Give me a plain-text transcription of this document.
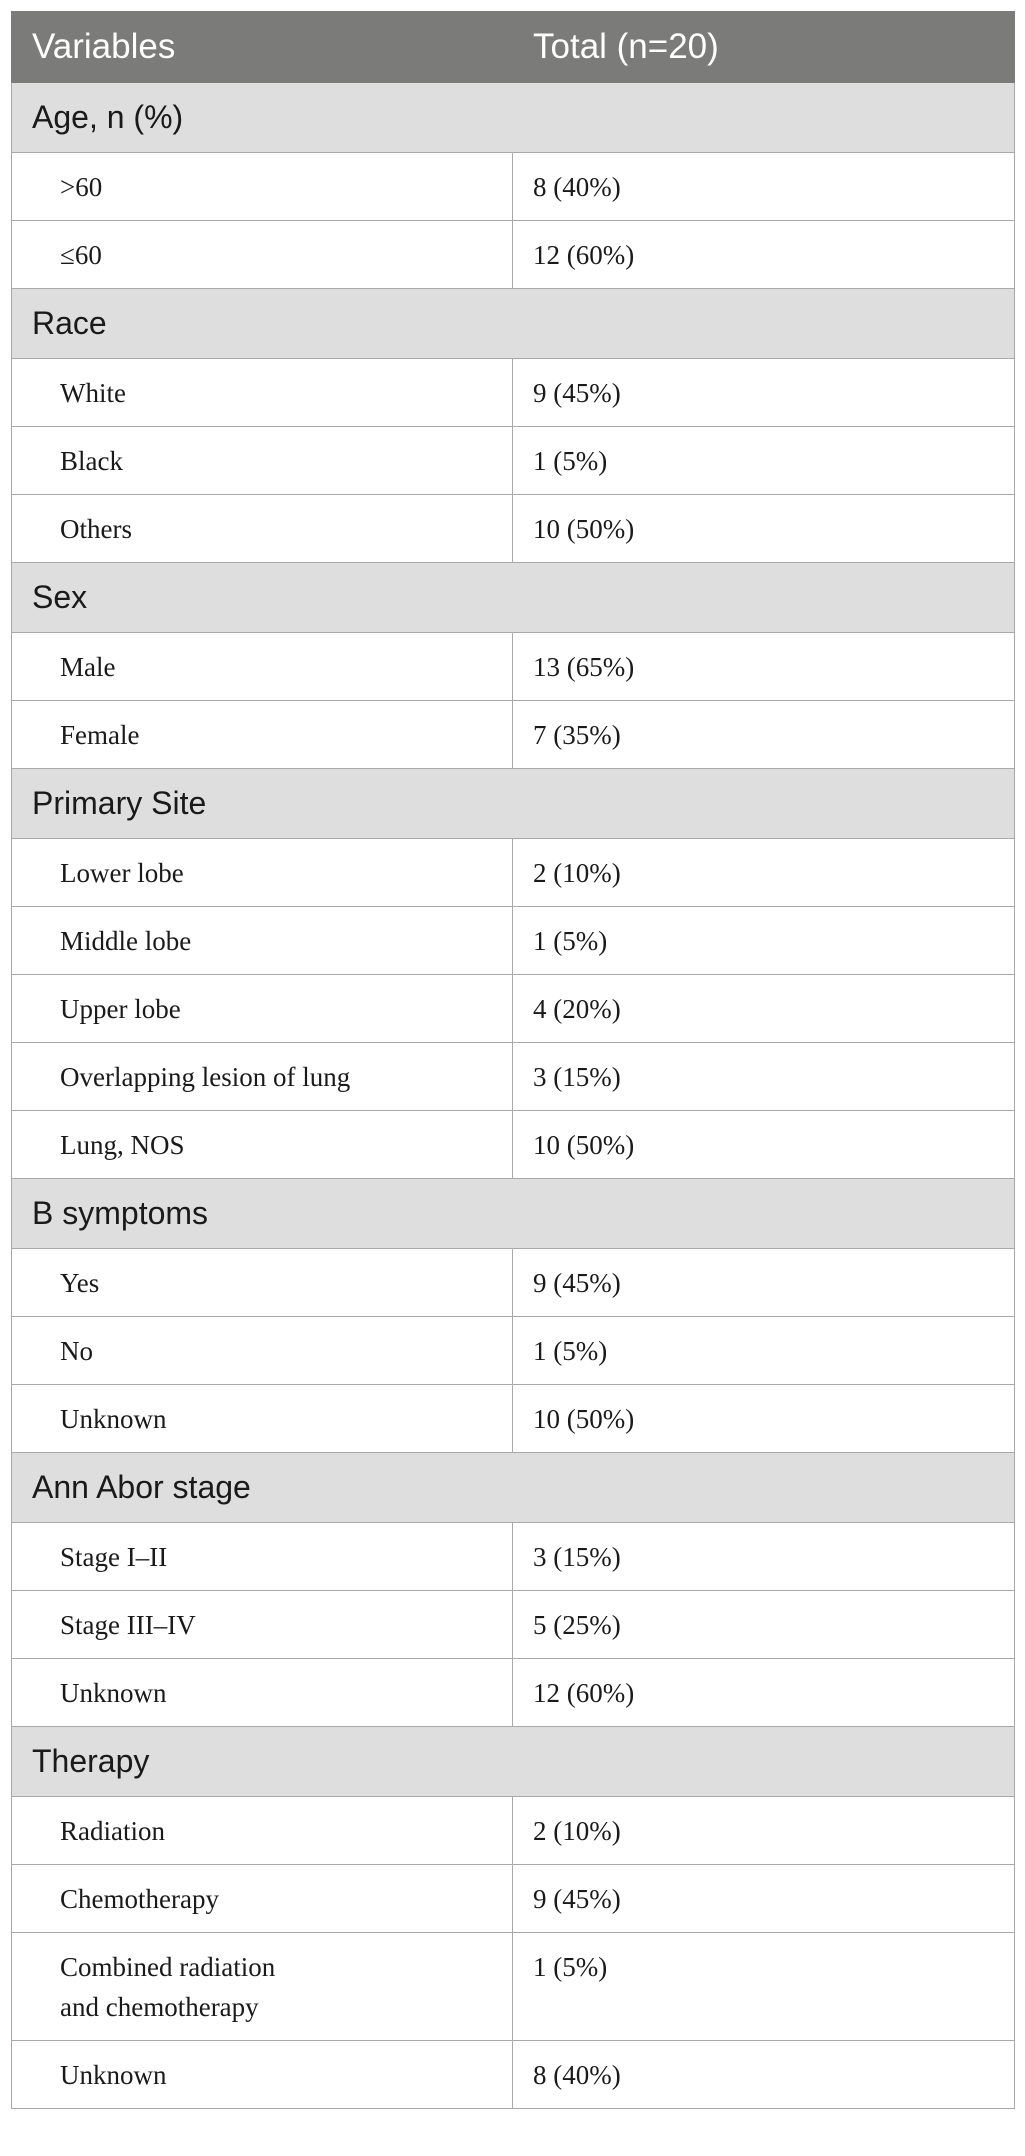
Variables	Total (n=20)
Age, n (%)	
>60	8 (40%)
≤60	12 (60%)
Race	
White	9 (45%)
Black	1 (5%)
Others	10 (50%)
Sex	
Male	13 (65%)
Female	7 (35%)
Primary Site	
Lower lobe	2 (10%)
Middle lobe	1 (5%)
Upper lobe	4 (20%)
Overlapping lesion of lung	3 (15%)
Lung, NOS	10 (50%)
B symptoms	
Yes	9 (45%)
No	1 (5%)
Unknown	10 (50%)
Ann Abor stage	
Stage I–II	3 (15%)
Stage III–IV	5 (25%)
Unknown	12 (60%)
Therapy	
Radiation	2 (10%)
Chemotherapy	9 (45%)
Combined radiation
and chemotherapy	1 (5%)
Unknown	8 (40%)
